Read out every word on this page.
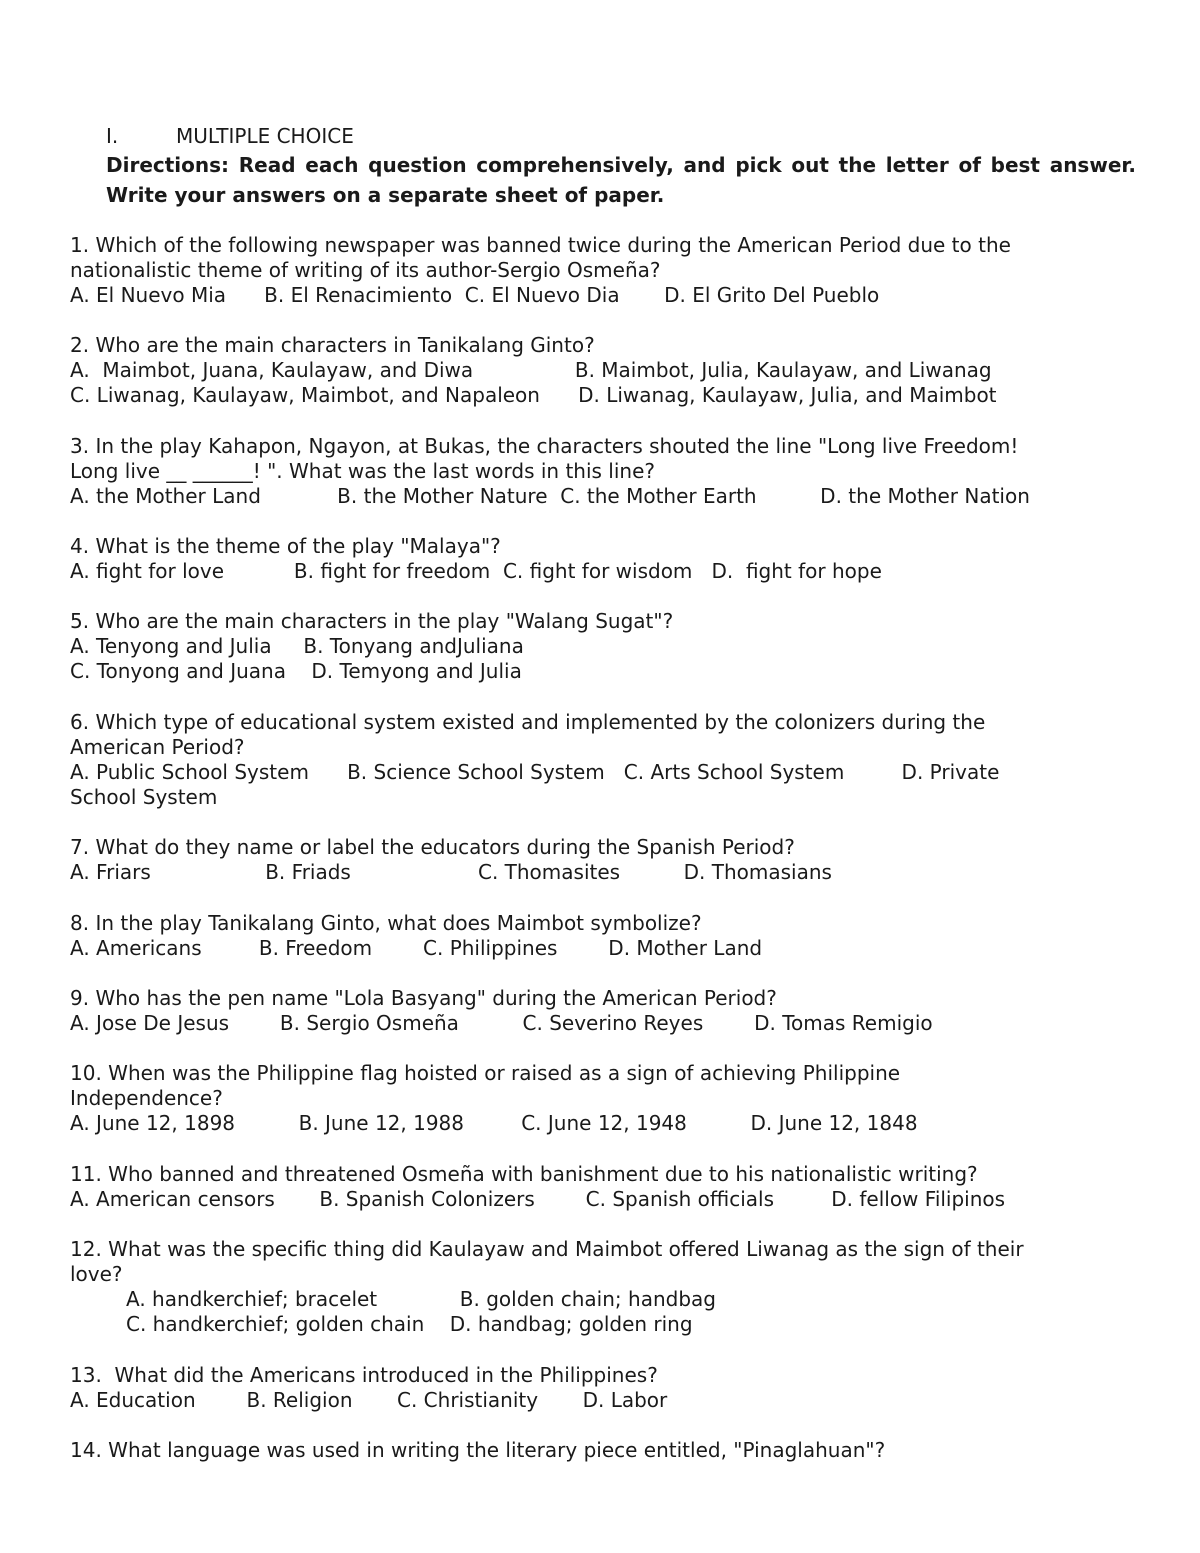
I.	MULTIPLE CHOICE
Directions: Read each question comprehensively, and pick out the letter of best answer. Write your answers on a separate sheet of paper.
1. Which of the following newspaper was banned twice during the American Period due to the
nationalistic theme of writing of its author-Sergio Osmeña?
A. El Nuevo Mia      B. El Renacimiento  C. El Nuevo Dia       D. El Grito Del Pueblo
2. Who are the main characters in Tanikalang Ginto?
A.  Maimbot, Juana, Kaulayaw, and Diwa                B. Maimbot, Julia, Kaulayaw, and Liwanag
C. Liwanag, Kaulayaw, Maimbot, and Napaleon      D. Liwanag, Kaulayaw, Julia, and Maimbot
3. In the play Kahapon, Ngayon, at Bukas, the characters shouted the line "Long live Freedom!
Long live __ ______! ". What was the last words in this line?
A. the Mother Land            B. the Mother Nature  C. the Mother Earth          D. the Mother Nation
4. What is the theme of the play "Malaya"?
A. fight for love           B. fight for freedom  C. fight for wisdom   D.  fight for hope
5. Who are the main characters in the play "Walang Sugat"?
A. Tenyong and Julia     B. Tonyang andJuliana
C. Tonyong and Juana    D. Temyong and Julia
6. Which type of educational system existed and implemented by the colonizers during the
American Period?
A. Public School System      B. Science School System   C. Arts School System         D. Private
School System
7. What do they name or label the educators during the Spanish Period?
A. Friars                  B. Friads                    C. Thomasites          D. Thomasians
8. In the play Tanikalang Ginto, what does Maimbot symbolize?
A. Americans         B. Freedom        C. Philippines        D. Mother Land
9. Who has the pen name "Lola Basyang" during the American Period?
A. Jose De Jesus        B. Sergio Osmeña          C. Severino Reyes        D. Tomas Remigio
10. When was the Philippine flag hoisted or raised as a sign of achieving Philippine
Independence?
A. June 12, 1898          B. June 12, 1988         C. June 12, 1948          D. June 12, 1848
11. Who banned and threatened Osmeña with banishment due to his nationalistic writing?
A. American censors       B. Spanish Colonizers        C. Spanish officials         D. fellow Filipinos
12. What was the specific thing did Kaulayaw and Maimbot offered Liwanag as the sign of their
love?
A. handkerchief; bracelet             B. golden chain; handbag
C. handkerchief; golden chain    D. handbag; golden ring
13.  What did the Americans introduced in the Philippines?
A. Education        B. Religion       C. Christianity       D. Labor
14. What language was used in writing the literary piece entitled, "Pinaglahuan"?
